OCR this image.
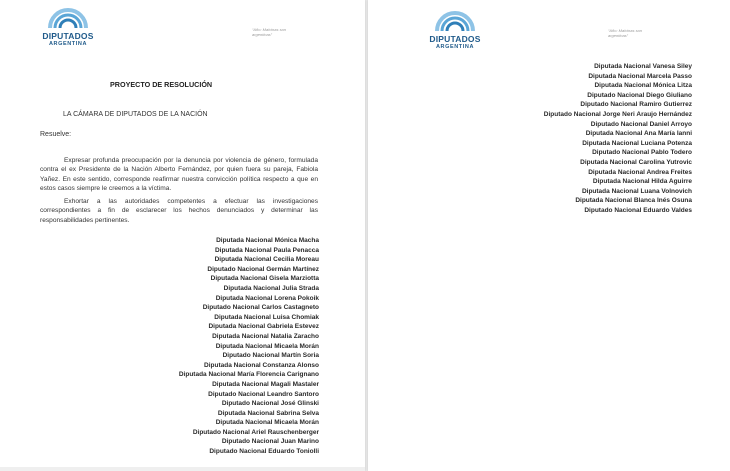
DIPUTADOS
ARGENTINA
“Año: Malvinas son argentinas”
PROYECTO DE RESOLUCIÓN
LA CÁMARA DE DIPUTADOS DE LA NACIÓN
Resuelve:
Expresar profunda preocupación por la denuncia por violencia de género, formulada contra el ex Presidente de la Nación Alberto Fernández, por quien fuera su pareja, Fabiola Yañez. En este sentido, corresponde reafirmar nuestra convicción política respecto a que en estos casos siempre le creemos a la víctima.
Exhortar a las autoridades competentes a efectuar las investigaciones correspondientes a fin de esclarecer los hechos denunciados y determinar las responsabilidades pertinentes.
Diputada Nacional Mónica Macha
Diputada Nacional Paula Penacca
Diputada Nacional Cecilia Moreau
Diputado Nacional Germán Martínez
Diputada Nacional Gisela Marziotta
Diputada Nacional Julia Strada
Diputada Nacional Lorena Pokoik
Diputado Nacional Carlos Castagneto
Diputada Nacional Luisa Chomiak
Diputada Nacional Gabriela Estevez
Diputada Nacional Natalia Zaracho
Diputada Nacional Micaela Morán
Diputado Nacional Martín Soria
Diputada Nacional Constanza Alonso
Diputada Nacional María Florencia Carignano
Diputada Nacional Magali Mastaler
Diputado Nacional Leandro Santoro
Diputado Nacional José Glinski
Diputada Nacional Sabrina Selva
Diputada Nacional Micaela Morán
Diputado Nacional Ariel Rauschenberger
Diputado Nacional Juan Marino
Diputado Nacional Eduardo Toniolli
DIPUTADOS
ARGENTINA
“Año: Malvinas son argentinas”
Diputada Nacional Vanesa Siley
Diputada Nacional Marcela Passo
Diputada Nacional Mónica Litza
Diputado Nacional Diego Giuliano
Diputado Nacional Ramiro Gutierrez
Diputado Nacional Jorge Neri Araujo Hernández
Diputado Nacional Daniel Arroyo
Diputada Nacional Ana María Ianni
Diputada Nacional Luciana Potenza
Diputado Nacional Pablo Todero
Diputada Nacional Carolina Yutrovic
Diputada Nacional Andrea Freites
Diputada Nacional Hilda Aguirre
Diputada Nacional Luana Volnovich
Diputada Nacional Blanca Inés Osuna
Diputado Nacional Eduardo Valdes
